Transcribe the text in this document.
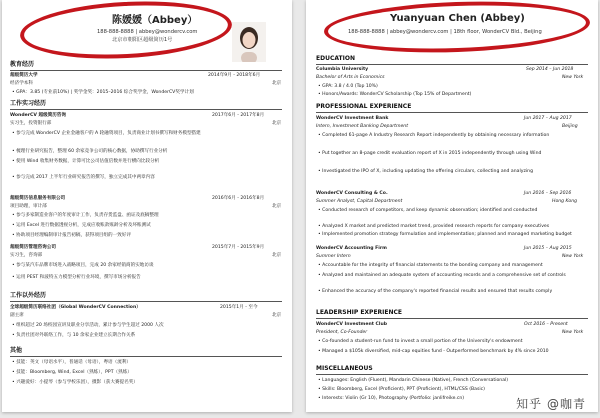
陈媛媛（Abbey）
188-888-8888 | abbey@wondercv.com
北京市朝阳区超级简历1号
教育经历
超级简历大学	2014年9月 - 2018年6月
经济学本科	北京
• GPA：3.85 (专业前10%) | 奖学金奖：2015–2016 综合奖学金，WonderCV奖学计划
工作实习经历
WonderCV 超级简历咨询	2017年6月 - 2017年8月
实习生，投资银行部	北京
• 参与完成 WonderCV 企业金融客户的 A 轮融资项目，负责商业计划书撰写和财务模型搭建
• 梳理行业研究报告，整理 60 余家竞争公司的核心数据，协助撰写行业分析
• 使用 Wind 收集财务数据，计算可比公司估值倍数并进行横向比较分析
• 参与完成 2017 上半年行业研究报告的撰写，独立完成其中两章内容
超级简历信息服务有限公司	2016年6月 - 2016年8月
项目助理，审计部	北京
• 参与多家制造业客户的年度审计工作，负责存货监盘、函证及底稿整理
• 运用 Excel 进行数据透视分析，完成应收账款账龄分析及坏账测试
• 协助项目经理编制审计报告初稿，获得项目组的一致好评
超级简历管理咨询公司	2015年7月 - 2015年9月
实习生，咨询部	北京
• 参与某汽车品牌市场进入战略项目，完成 20 余家经销商的实地访谈
• 运用 PEST 和波特五力模型分析行业环境，撰写市场分析报告
工作以外经历
全球超级简历联络社团（Global WonderCV Connection）	2015年1月 - 至今
副主席	北京
• 组织超过 20 场校园宣讲及职业分享活动，累计参与学生超过 2000 人次
• 负责社团对外联络工作，与 10 余家企业建立长期合作关系
其他
• 技能：英文（母语水平），普通话（母语），粤语（流利）
• 技能：Bloomberg, Wind, Excel（熟练），PPT（熟练）
• 兴趣爱好：小提琴（参与学校乐团），摄影（获大赛提名奖）
Yuanyuan Chen (Abbey)
188-888-8888 | abbey@wondercv.com | 18th floor, WonderCV Bld., Beijing
EDUCATION
Columbia University	Sep 2014 – Jun 2018
Bachelor of Arts in Economics	New York
• GPA: 3.8 / 4.0 (Top 10%)
• Honors/Awards: WonderCV Scholarship (Top 15% of Department)
PROFESSIONAL EXPERIENCE
WonderCV Investment Bank	Jun 2017 – Aug 2017
Intern, Investment Banking Department	Beijing
• Completed 61-page A Industry Research Report independently by obtaining necessary information
• Put together an 8-page credit evaluation report of X in 2015 independently through using Wind
• Investigated the IPO of X, including updating the offering circulars, collecting and analyzing
WonderCV Consulting & Co.	Jun 2016 – Sep 2016
Summer Analyst, Capital Department	Hong Kong
• Conducted research of competitors, and keep dynamic observation; identified and conducted
• Analyzed X market and predicted market trend, provided research reports for company executives
• Implemented promotion strategy formulation and implementation; planned and managed marketing budget
WonderCV Accounting Firm	Jun 2015 – Aug 2015
Summer Intern	New York
• Accountable for the integrity of financial statements to the bonding company and management
• Analyzed and maintained an adequate system of accounting records and a comprehensive set of controls
• Enhanced the accuracy of the company's reported financial results and ensured that results comply
LEADERSHIP EXPERIENCE
WonderCV Investment Club	Oct 2016 – Present
President, Co-Founder	New York
• Co-founded a student-run fund to invest a small portion of the University's endowment
• Managed a $105k diversified, mid-cap equities fund - Outperformed benchmark by 4% since 2010
MISCELLANEOUS
• Languages: English (Fluent), Mandarin Chinese (Native), French (Conversational)
• Skills: Bloomberg, Excel (Proficient), PPT (Proficient), HTML/CSS (Basic)
• Interests: Violin (Gr 10), Photography (Portfolio: janlifreike.cn)	知乎 @咖青
